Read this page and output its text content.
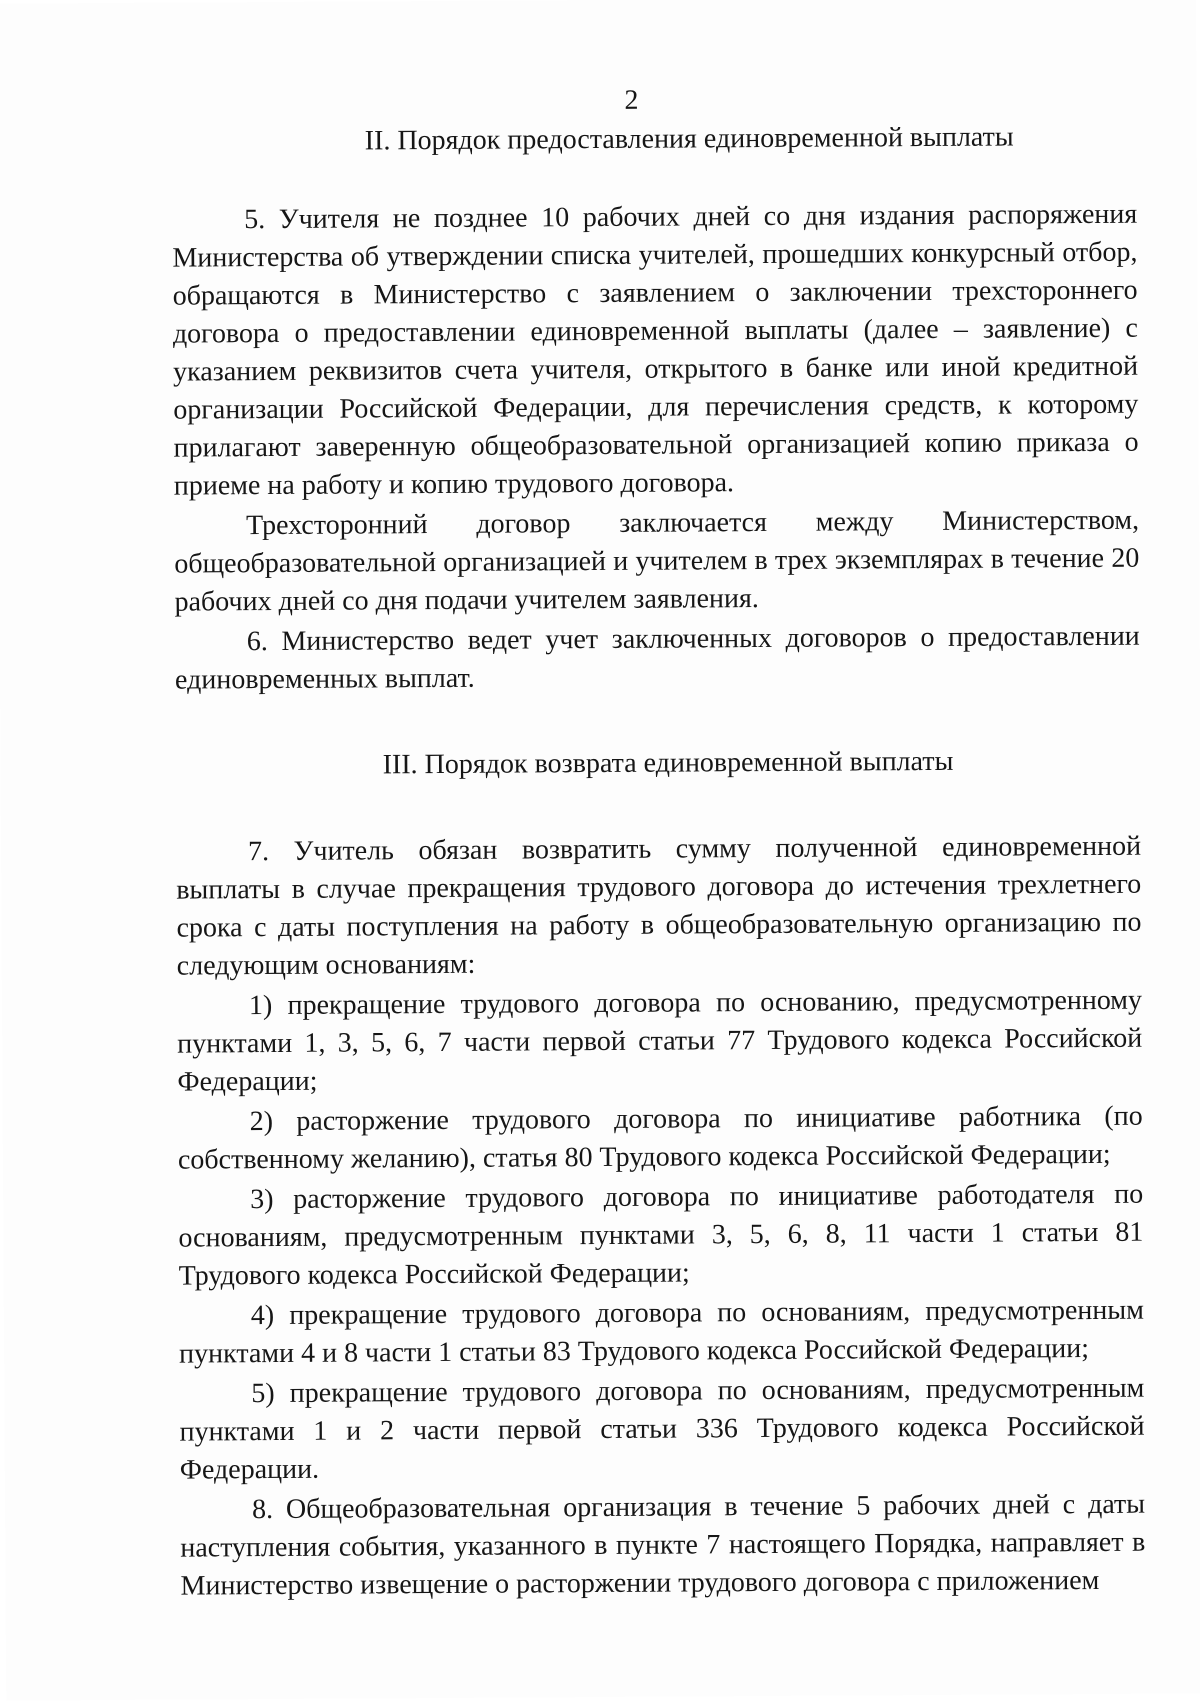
2
II. Порядок предоставления единовременной выплаты

5. Учителя не позднее 10 рабочих дней со дня издания распоряжения Министерства об утверждении списка учителей, прошедших конкурсный отбор, обращаются в Министерство с заявлением о заключении трехстороннего договора о предоставлении единовременной выплаты (далее – заявление) с указанием реквизитов счета учителя, открытого в банке или иной кредитной организации Российской Федерации, для перечисления средств, к которому прилагают заверенную общеобразовательной организацией копию приказа о приеме на работу и копию трудового договора.

Трехсторонний договор заключается между Министерством, общеобразовательной организацией и учителем в трех экземплярах в течение 20 рабочих дней со дня подачи учителем заявления.

6. Министерство ведет учет заключенных договоров о предоставлении единовременных выплат.

III. Порядок возврата единовременной выплаты

7. Учитель обязан возвратить сумму полученной единовременной выплаты в случае прекращения трудового договора до истечения трехлетнего срока с даты поступления на работу в общеобразовательную организацию по следующим основаниям:

1) прекращение трудового договора по основанию, предусмотренному пунктами 1, 3, 5, 6, 7 части первой статьи 77 Трудового кодекса Российской Федерации;

2) расторжение трудового договора по инициативе работника (по собственному желанию), статья 80 Трудового кодекса Российской Федерации;

3) расторжение трудового договора по инициативе работодателя по основаниям, предусмотренным пунктами 3, 5, 6, 8, 11 части 1 статьи 81 Трудового кодекса Российской Федерации;

4) прекращение трудового договора по основаниям, предусмотренным пунктами 4 и 8 части 1 статьи 83 Трудового кодекса Российской Федерации;

5) прекращение трудового договора по основаниям, предусмотренным пунктами 1 и 2 части первой статьи 336 Трудового кодекса Российской Федерации.

8. Общеобразовательная организация в течение 5 рабочих дней с даты наступления события, указанного в пункте 7 настоящего Порядка, направляет в Министерство извещение о расторжении трудового договора с приложением
